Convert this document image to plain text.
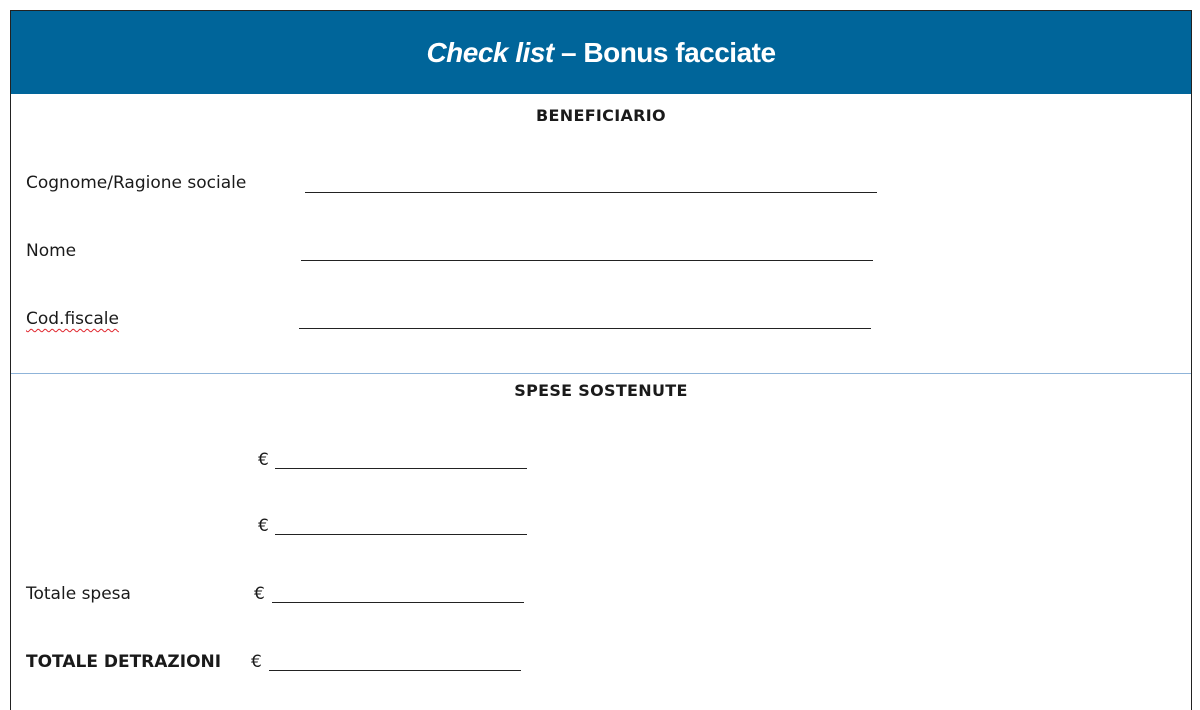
Check list – Bonus facciate
BENEFICIARIO
Cognome/Ragione sociale
Nome
Cod.fiscale
SPESE SOSTENUTE
€
€
Totale spesa	€
TOTALE DETRAZIONI €
